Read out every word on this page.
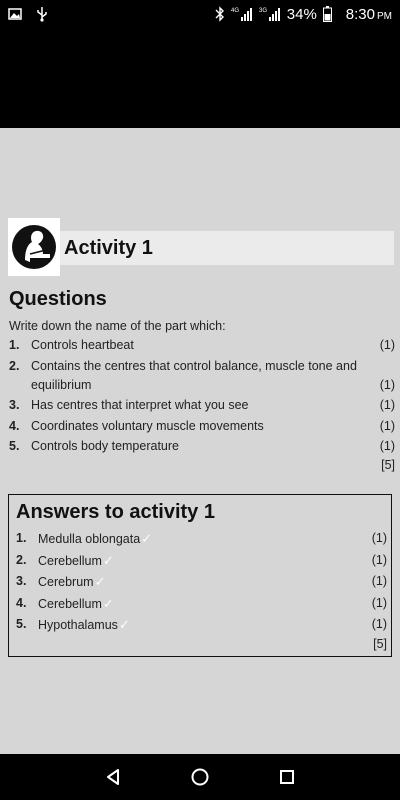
4G	3G 34% 8:30 PM
Activity 1
Questions
Write down the name of the part which:
1. Controls heartbeat	(1)
2. Contains the centres that control balance, muscle tone and equilibrium	(1)
3. Has centres that interpret what you see	(1)
4. Coordinates voluntary muscle movements	(1)
5. Controls body temperature	(1)
[5]
Answers to activity 1
1. Medulla oblongata✓	(1)
2. Cerebellum✓	(1)
3. Cerebrum✓	(1)
4. Cerebellum✓	(1)
5. Hypothalamus✓	(1)
[5]
